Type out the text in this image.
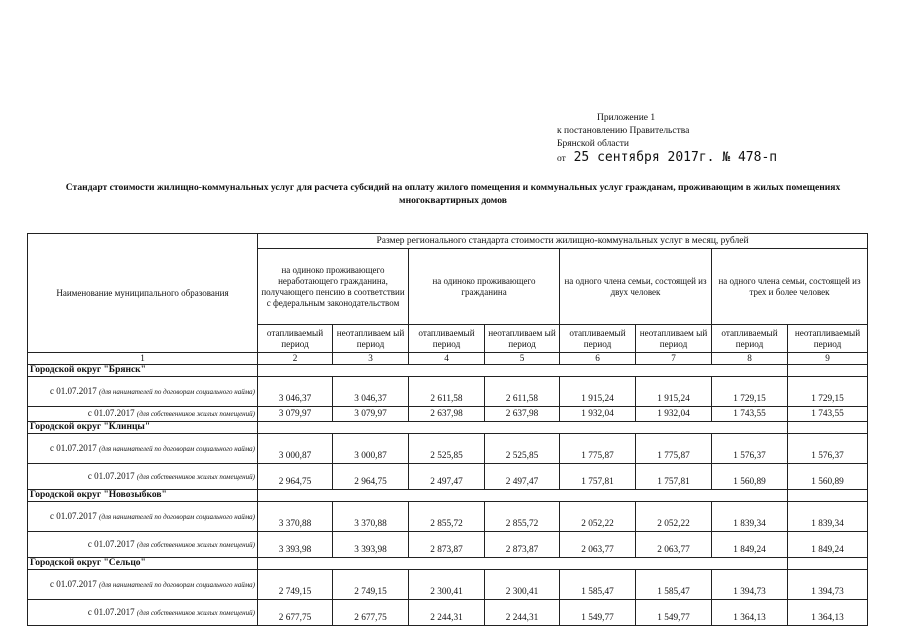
Приложение 1
к постановлению Правительства
Брянской области
от 25 сентября 2017г. № 478-п
Стандарт стоимости жилищно-коммунальных услуг для расчета субсидий на оплату жилого помещения и коммунальных услуг гражданам, проживающим в жилых помещениях многоквартирных домов
Наименование муниципального образования	Размер регионального стандарта стоимости жилищно-коммунальных услуг в месяц, рублей							
	на одиноко проживающего неработающего гражданина, получающего пенсию в соответствии с федеральным законодательством		на одиноко проживающего гражданина		на одного члена семьи, состоящей из двух человек		на одного члена семьи, состоящей из трех и более человек	
	отапливаемый период	неотапливаем ый период	отапливаемый период	неотапливаем ый период	отапливаемый период	неотапливаем ый период	отапливаемый период	неотапливаемый период
1	2	3	4	5	6	7	8	9
Городской округ "Брянск"								
с 01.07.2017 (для нанимателей по договорам социального найма)	3 046,37	3 046,37	2 611,58	2 611,58	1 915,24	1 915,24	1 729,15	1 729,15
с 01.07.2017 (для собственников жилых помещений)	3 079,97	3 079,97	2 637,98	2 637,98	1 932,04	1 932,04	1 743,55	1 743,55
Городской округ "Клинцы"								
с 01.07.2017 (для нанимателей по договорам социального найма)	3 000,87	3 000,87	2 525,85	2 525,85	1 775,87	1 775,87	1 576,37	1 576,37
с 01.07.2017 (для собственников жилых помещений)	2 964,75	2 964,75	2 497,47	2 497,47	1 757,81	1 757,81	1 560,89	1 560,89
Городской округ "Новозыбков"								
с 01.07.2017 (для нанимателей по договорам социального найма)	3 370,88	3 370,88	2 855,72	2 855,72	2 052,22	2 052,22	1 839,34	1 839,34
с 01.07.2017 (для собственников жилых помещений)	3 393,98	3 393,98	2 873,87	2 873,87	2 063,77	2 063,77	1 849,24	1 849,24
Городской округ "Сельцо"								
с 01.07.2017 (для нанимателей по договорам социального найма)	2 749,15	2 749,15	2 300,41	2 300,41	1 585,47	1 585,47	1 394,73	1 394,73
с 01.07.2017 (для собственников жилых помещений)	2 677,75	2 677,75	2 244,31	2 244,31	1 549,77	1 549,77	1 364,13	1 364,13
